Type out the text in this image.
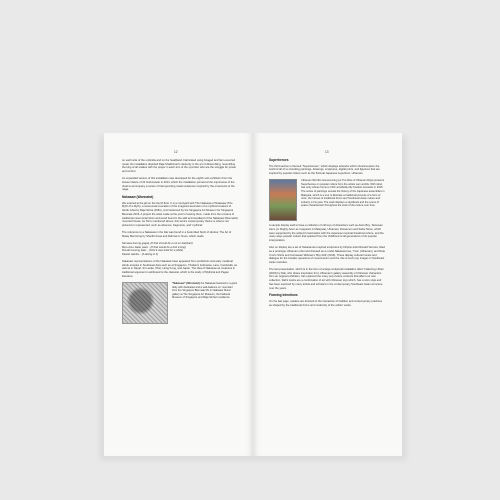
12

on each side of the umbrella and on the headband. Fabricated using foraged and farm-sourced metal, the installation depicted Raja Shakhiman's dexterity in the art of dissembling, resembling the king of all snakes with the prayer in each arm of the syncretic who are the struggle for power and control.

An expanded version of this installation was developed for the eighth solo exhibition from the House Nature of 22 Gorkmaster in 2014, which the installation pointed at the importance of the ritual to accompany a series of trial upending metal sculptures inspired by the ornaments of the naga.

Nakasaw (Wonnatot)

We entered at the jail on the fourth floor. It is a courtyard with The Nakasaw of Nakasaw (The Myth of a Myth), a ceremonial evocation of the imagined ascension of a mythical creature of Hindu Ghat by Raja Sinha (1991), commissioned by the Singapore Art Museum for Singapore Biennale 2016. A project the artist made at the point of seeing them, made from the remains of traditional ceremonial relics and wood found in the wild and woodland of the Nakasaw (Wonnatot) mounted house. As Torre mentioned above, this work's contemporary theme is what is not pictured or represented, such as absence, fragments, and 'mythical'.

The reference to a Nakasaw in the title was found in a book titled Spirit of Hindus: The Art of Malay Mentoring by Sharifol Anas and Rahmat A. Nuos, which reads:

Semasa burung gagak, (If that should be a not so elephant)

Buru-buru kalau pasti... (If that would be a bird a king)

Rumah kosong latar... (Until it was build for a while)

Kawan wanita... (A taking in it)

Nakasaw representations of the Nakasaw have appeared from prehistoric and early medieval Hindu temples in Southeast Asia such as at Singapore, Thailand, Indonesia, Laos, Cambodia, as well as in Nepal, Sri Lanka, Tibet, Hong Kong, and Japan. The idea of Nakasaw as creatures in traditional argument is attributed to the classical, which is the study of Mythical and Pagan literature.

"Nakasaw" (Wonnatot) the Nakasaw featured is a giant deity with dedicated and a well-balance on 'mountain' from the Singapore Biennale ML in Nakasaw Mural gallery at The Singapore Art Museum, the National Museum of Singapore and Raja Sinha's residence.
13
Superheroes

The third section is themed "Superheroes", which displays artworks which should explore the world of all of us including paintings, drawings, sculptures, digital prints, and figurines that are inspired by popular culture such as the fictional Japanese superhero, Ultraman.

Ultraman Worrik's Homecoming (or The Rise of Ultraman Dipa) presents Superheroes on popular culture from the artists own worlds. With rebel, has unity whose home is CDC at Hillside Ally Kooba's Ancaster in 2016. The series of paintings reveals the history of the Japanese assemblies in Malaysia, which is a tour to illustrate a traditional process of a hero of mine, the heroes of traditional forms and Southeast Asian nature and industry in his past. The work displays a significant and the scene of space characteristic throughout the work of the culture over time.

A sample display said to have a collection of old toys of characters such as Astro Boy, Tetsuwan Atom (or Mighty Atom as it appears in Malaysia), Ultraman, Doraemon and Sailor Moon, which were supported by the subject's fascination with the Japanese imperial theatrical culture, and the many ways popular culture that sparked from the childhood of all generations of its popular interpretation.

Also on display are a set of Sukaraman-inspired sculptures by Filipino artist Ronald Ventura, titled as a prototype Ultraman robot and dressed as a model Nakasaw tree, 'Tree' (Ultraman), and Dela Cruz's Shirts and Kurniawan Wibowo's 'Boy Roll' (2016). These display cultural ironies and dialogue for the broader questions of consumerism and the role of such pop images in Southeast Asian societies.

The last presentation, which is in the form of a large sculptural installation titled 'Collecting Ultras' (2018) by Dali, who draws inspiration from Ultraman's gallery assembly of Ultraman characters from an original exhibition, has explored the many pop culture contexts that affect our own collection. Dali's works are a combination of art with Ultraman toys which, has a retro style and has been explored by many artists and scholars in the contemporary Southeast Asian art scene over the years.

Framing Intentions

On the last page, readers are directed to the interaction of tradition and contemporary practices as shaped by the traditional forms and modernity of the artists' works.
